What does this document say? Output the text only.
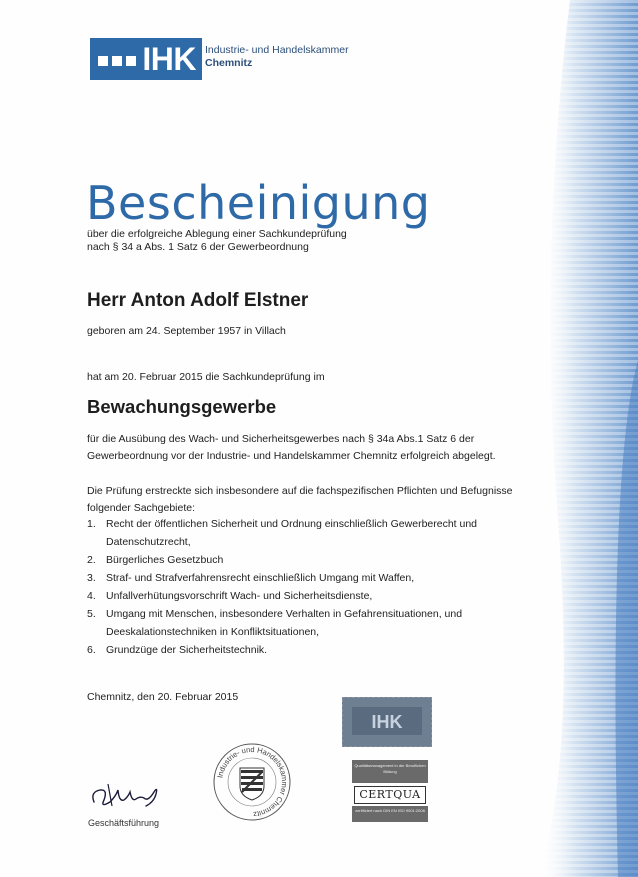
IHK Industrie- und Handelskammer
Chemnitz
Bescheinigung
über die erfolgreiche Ablegung einer Sachkundeprüfung
nach § 34 a Abs. 1 Satz 6 der Gewerbeordnung
Herr Anton Adolf Elstner
geboren am 24. September 1957 in Villach
hat am 20. Februar 2015 die Sachkundeprüfung im
Bewachungsgewerbe
für die Ausübung des Wach- und Sicherheitsgewerbes nach § 34a Abs.1 Satz 6 der Gewerbeordnung vor der Industrie- und Handelskammer Chemnitz erfolgreich abgelegt.
Die Prüfung erstreckte sich insbesondere auf die fachspezifischen Pflichten und Befugnisse folgender Sachgebiete:
1. Recht der öffentlichen Sicherheit und Ordnung einschließlich Gewerberecht und Datenschutzrecht,
2. Bürgerliches Gesetzbuch
3. Straf- und Strafverfahrensrecht einschließlich Umgang mit Waffen,
4. Unfallverhütungsvorschrift Wach- und Sicherheitsdienste,
5. Umgang mit Menschen, insbesondere Verhalten in Gefahrensituationen, und Deeskalationstechniken in Konfliktsituationen,
6. Grundzüge der Sicherheitstechnik.
Chemnitz, den 20. Februar 2015
Geschäftsführung
Industrie- und Handelskammer Chemnitz
IHK
Qualitätsmanagement in der Beruflichen Bildung
CERTQUA
zertifiziert nach DIN EN ISO 9001:2008
